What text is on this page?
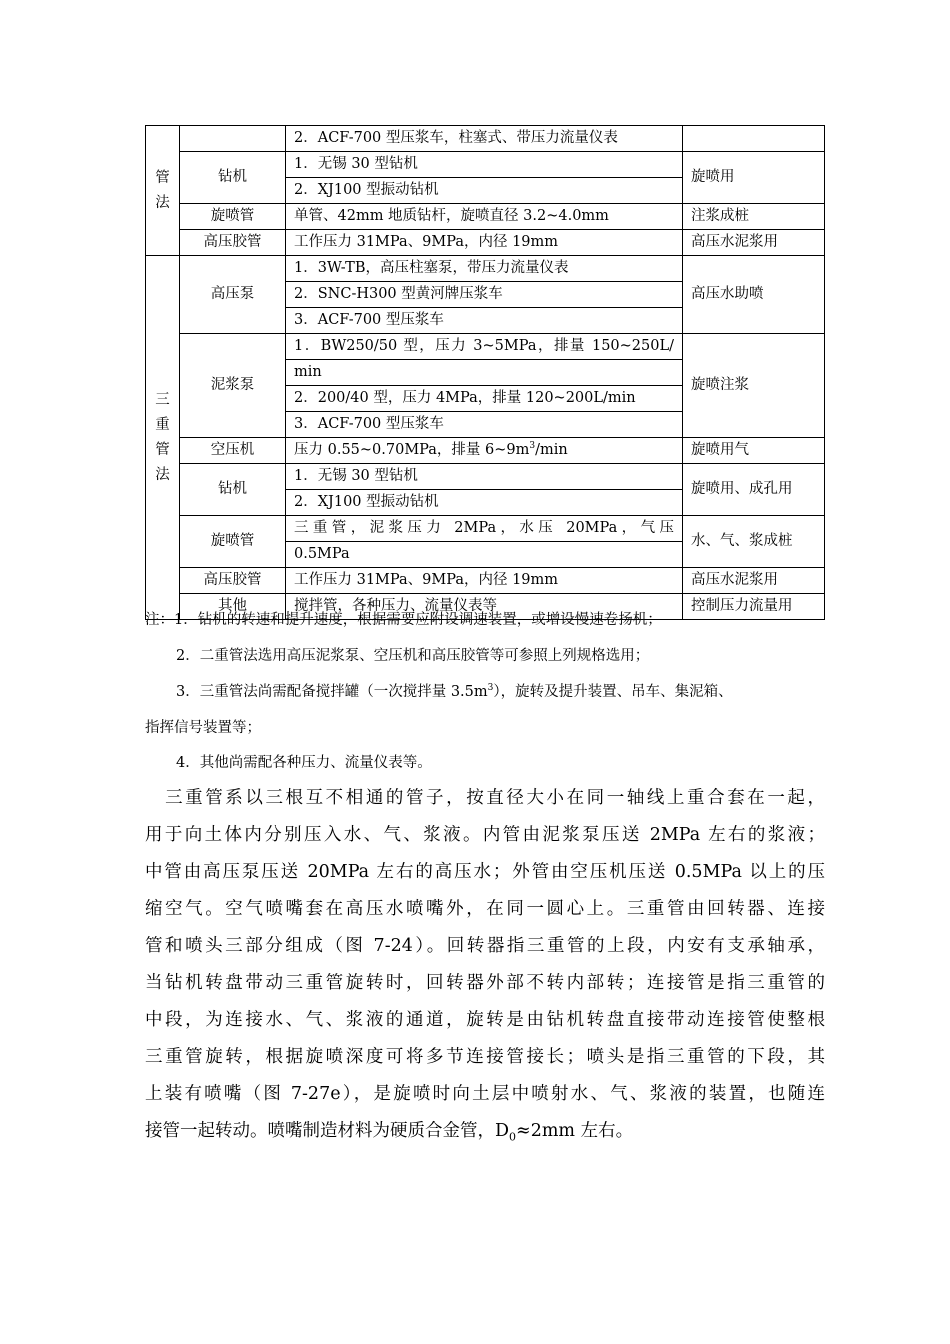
管
法		2．ACF-700 型压浆车，柱塞式、带压力流量仪表	
	钻机	1．无锡 30 型钻机	旋喷用
		2．XJ100 型振动钻机	
	旋喷管	单管、42mm 地质钻杆，旋喷直径 3.2~4.0mm	注浆成桩
	高压胶管	工作压力 31MPa、9MPa，内径 19mm	高压水泥浆用

三
重
管
法	高压泵	1．3W-TB，高压柱塞泵，带压力流量仪表	高压水助喷
		2．SNC-H300 型黄河牌压浆车	
		3．ACF-700 型压浆车	
	泥浆泵	1．BW250/50 型，压力 3~5MPa，排量 150~250L/	旋喷注浆
		min	
		2．200/40 型，压力 4MPa，排量 120~200L/min	
		3．ACF-700 型压浆车	
	空压机	压力 0.55~0.70MPa，排量 $6\sim 9m^3/\min$	旋喷用气
	钻机	1．无锡 30 型钻机	旋喷用、成孔用
		2．XJ100 型振动钻机	
	旋喷管	三重管，泥浆压力 2MPa，水压 20MPa，气压	水、气、浆成桩
		0.5MPa	
	高压胶管	工作压力 31MPa、9MPa，内径 19mm	高压水泥浆用
	其他	搅拌管，各种压力、流量仪表等	控制压力流量用
注：1．钻机的转速和提升速度，根据需要应附设调速装置，或增设慢速卷扬机；
2．二重管法选用高压泥浆泵、空压机和高压胶管等可参照上列规格选用；
3．三重管法尚需配备搅拌罐（一次搅拌量 $3.5m^3$），旋转及提升装置、吊车、集泥箱、
指挥信号装置等；
4．其他尚需配各种压力、流量仪表等。
　三重管系以三根互不相通的管子，按直径大小在同一轴线上重合套在一起，
用于向土体内分别压入水、气、浆液。内管由泥浆泵压送 2MPa 左右的浆液；
中管由高压泵压送 20MPa 左右的高压水；外管由空压机压送 0.5MPa 以上的压
缩空气。空气喷嘴套在高压水喷嘴外，在同一圆心上。三重管由回转器、连接
管和喷头三部分组成（图 7-24）。回转器指三重管的上段，内安有支承轴承，
当钻机转盘带动三重管旋转时，回转器外部不转内部转；连接管是指三重管的
中段，为连接水、气、浆液的通道，旋转是由钻机转盘直接带动连接管使整根
三重管旋转，根据旋喷深度可将多节连接管接长；喷头是指三重管的下段，其
上装有喷嘴（图 7-27e），是旋喷时向土层中喷射水、气、浆液的装置，也随连
接管一起转动。喷嘴制造材料为硬质合金管，$D_0\approx 2mm$ 左右。
